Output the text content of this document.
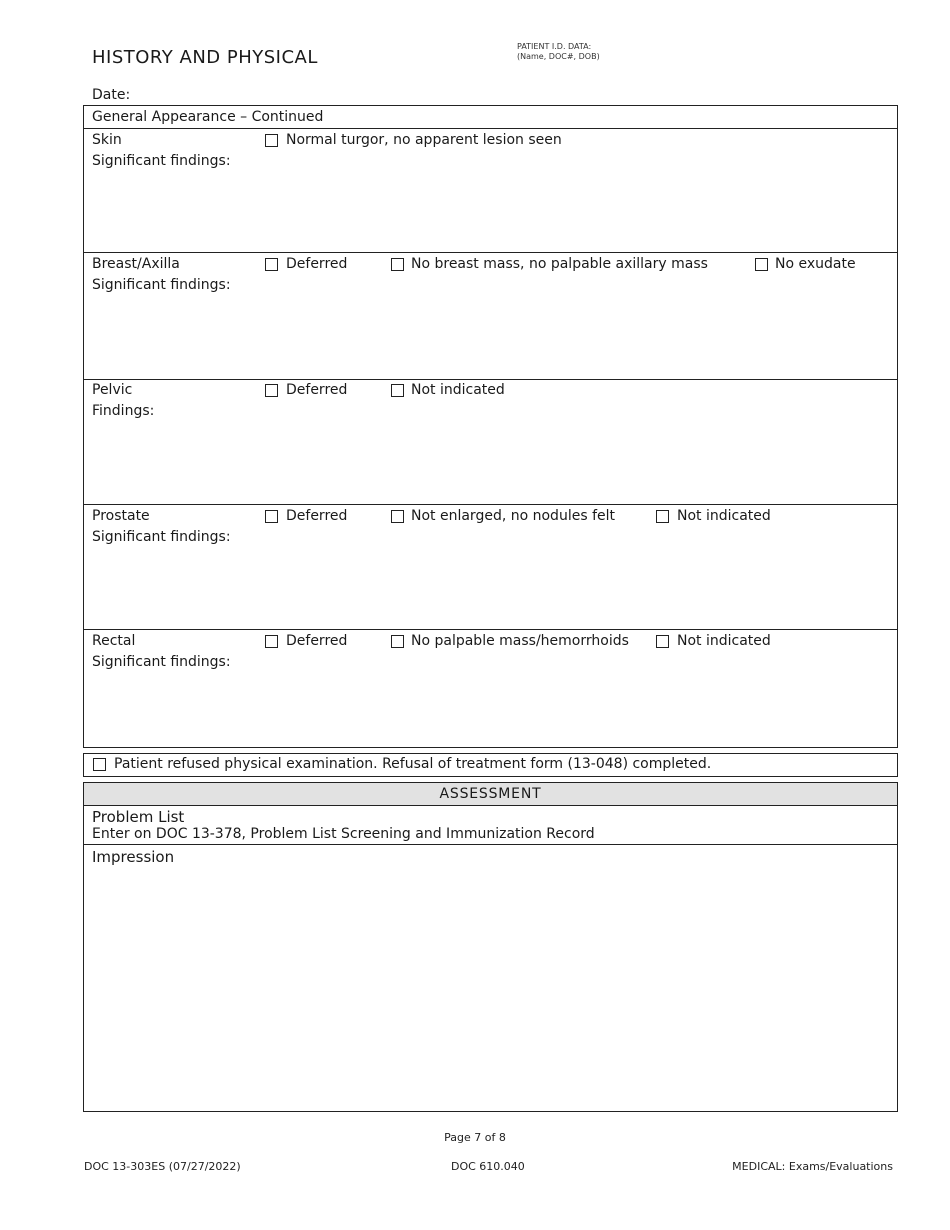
HISTORY AND PHYSICAL
PATIENT I.D. DATA:
(Name, DOC#, DOB)
Date:
General Appearance – Continued
Skin
Significant findings:
Normal turgor, no apparent lesion seen
Breast/Axilla
Significant findings:
Deferred	No breast mass, no palpable axillary mass	No exudate
Pelvic
Findings:
Deferred	Not indicated
Prostate
Significant findings:
Deferred	Not enlarged, no nodules felt	Not indicated
Rectal
Significant findings:
Deferred	No palpable mass/hemorrhoids	Not indicated
Patient refused physical examination. Refusal of treatment form (13-048) completed.
ASSESSMENT
Problem List
Enter on DOC 13-378, Problem List Screening and Immunization Record
Impression
Page 7 of 8
DOC 13-303ES (07/27/2022)	DOC 610.040	MEDICAL: Exams/Evaluations
